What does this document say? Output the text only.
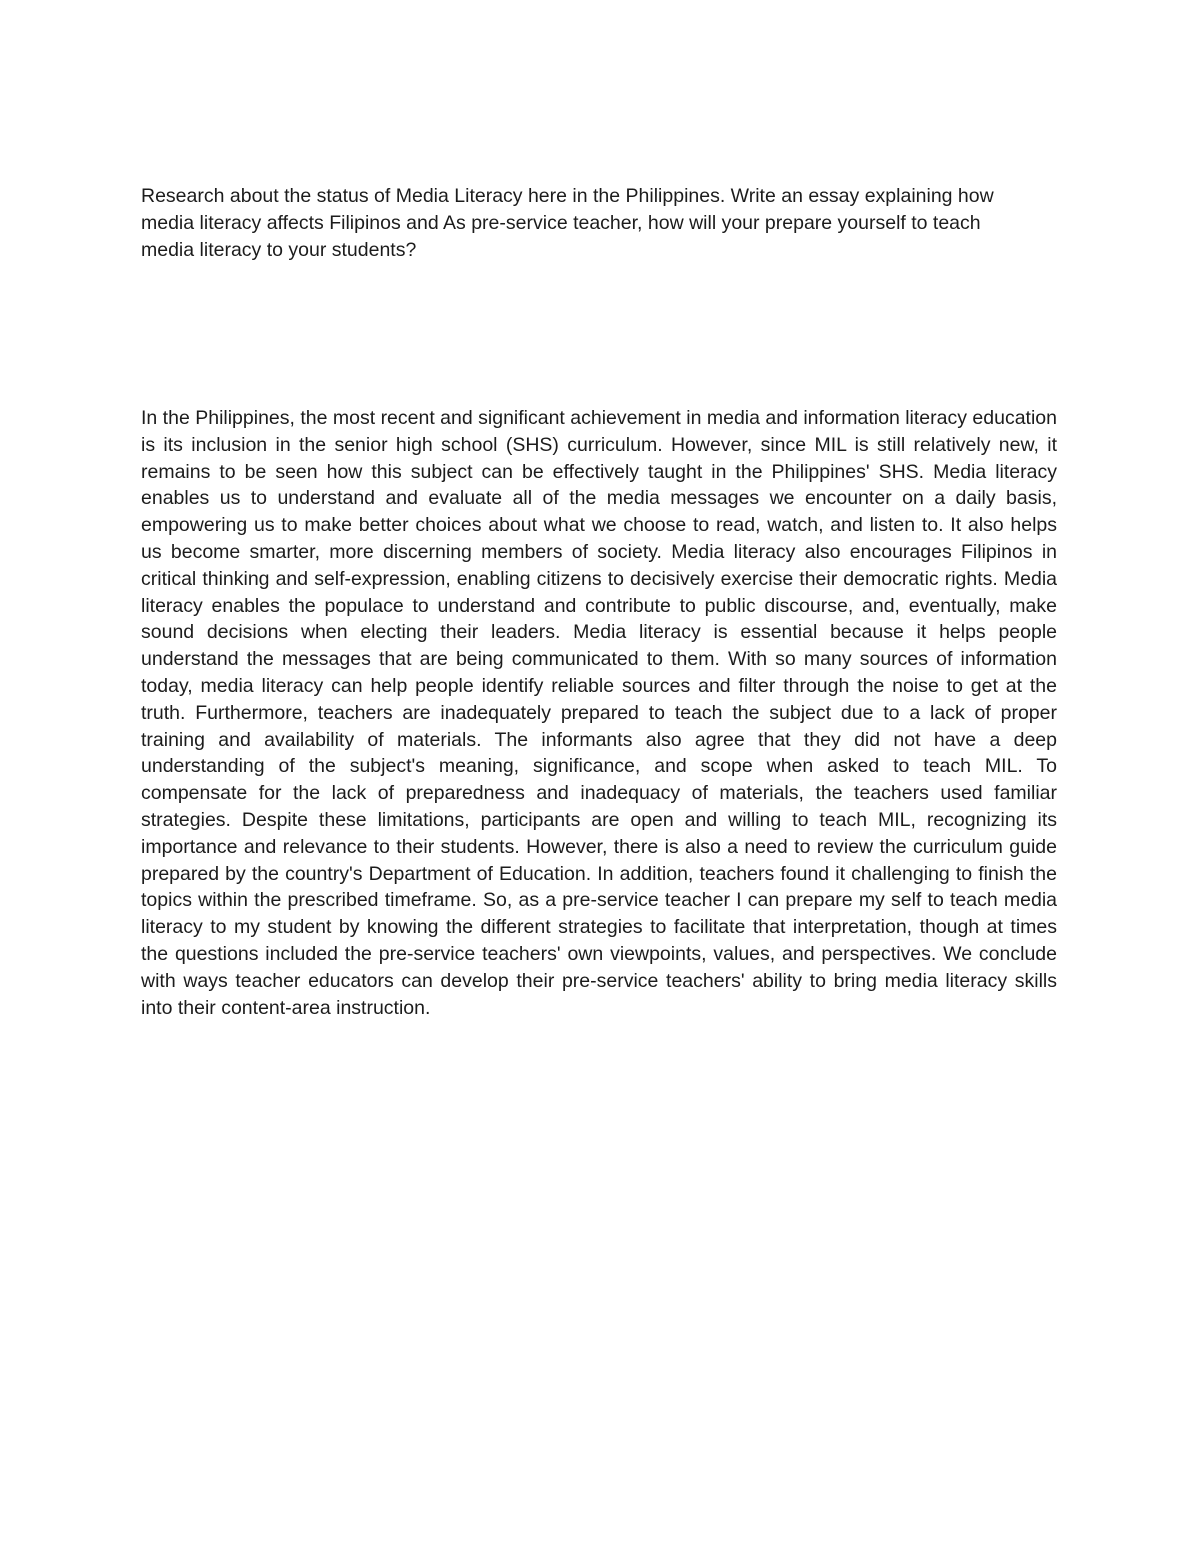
Research about the status of Media Literacy here in the Philippines. Write an essay explaining how media literacy affects Filipinos and As pre-service teacher, how will your prepare yourself to teach media literacy to your students?

In the Philippines, the most recent and significant achievement in media and information literacy education is its inclusion in the senior high school (SHS) curriculum. However, since MIL is still relatively new, it remains to be seen how this subject can be effectively taught in the Philippines' SHS. Media literacy enables us to understand and evaluate all of the media messages we encounter on a daily basis, empowering us to make better choices about what we choose to read, watch, and listen to. It also helps us become smarter, more discerning members of society. Media literacy also encourages Filipinos in critical thinking and self-expression, enabling citizens to decisively exercise their democratic rights. Media literacy enables the populace to understand and contribute to public discourse, and, eventually, make sound decisions when electing their leaders. Media literacy is essential because it helps people understand the messages that are being communicated to them. With so many sources of information today, media literacy can help people identify reliable sources and filter through the noise to get at the truth. Furthermore, teachers are inadequately prepared to teach the subject due to a lack of proper training and availability of materials. The informants also agree that they did not have a deep understanding of the subject's meaning, significance, and scope when asked to teach MIL. To compensate for the lack of preparedness and inadequacy of materials, the teachers used familiar strategies. Despite these limitations, participants are open and willing to teach MIL, recognizing its importance and relevance to their students. However, there is also a need to review the curriculum guide prepared by the country's Department of Education. In addition, teachers found it challenging to finish the topics within the prescribed timeframe. So, as a pre-service teacher I can prepare my self to teach media literacy to my student by knowing the different strategies to facilitate that interpretation, though at times the questions included the pre-service teachers' own viewpoints, values, and perspectives. We conclude with ways teacher educators can develop their pre-service teachers' ability to bring media literacy skills into their content-area instruction.
